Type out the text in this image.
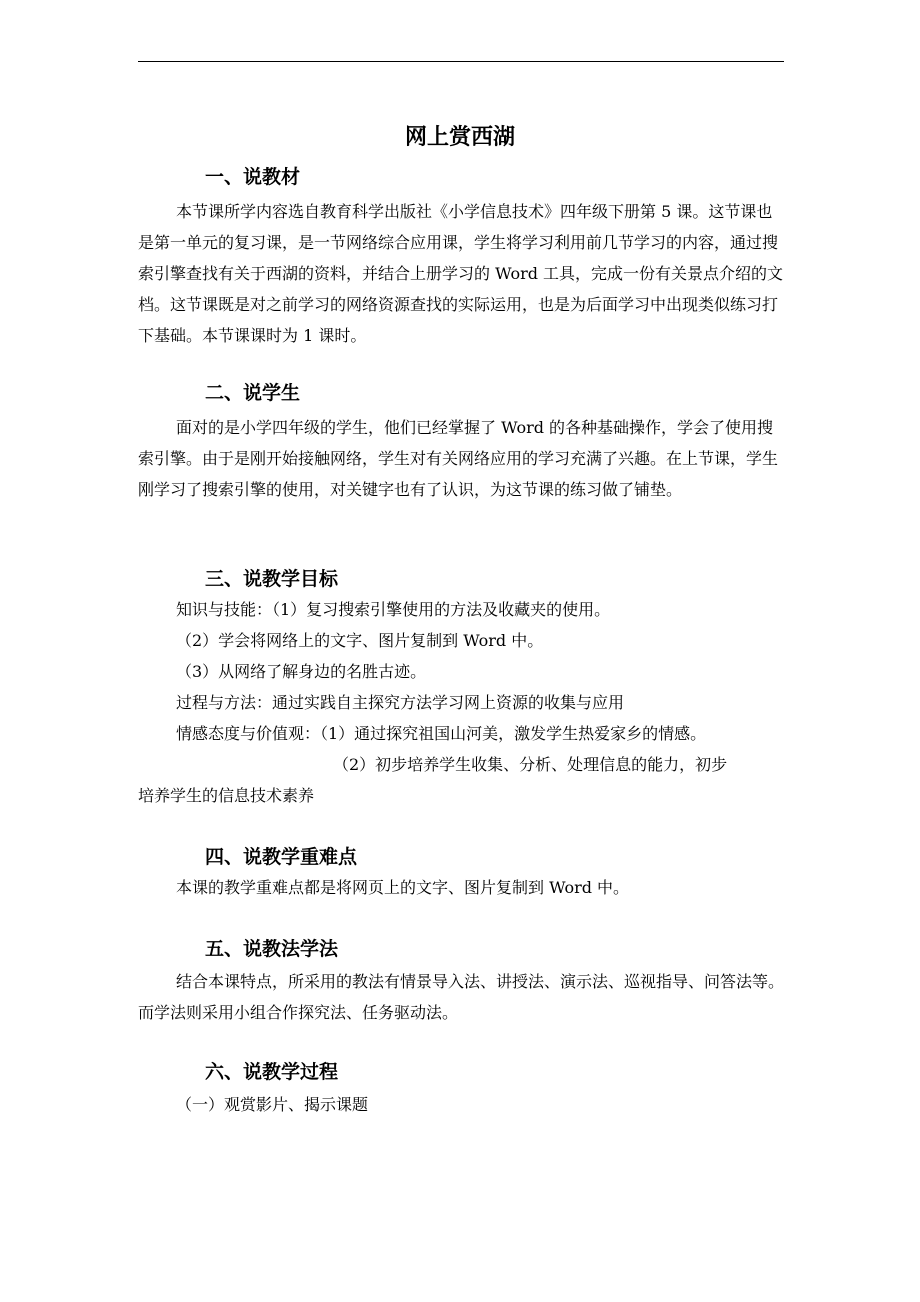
网上赏西湖
一、说教材
本节课所学内容选自教育科学出版社《小学信息技术》四年级下册第 5 课。这节课也是第一单元的复习课，是一节网络综合应用课，学生将学习利用前几节学习的内容，通过搜索引擎查找有关于西湖的资料，并结合上册学习的 Word 工具，完成一份有关景点介绍的文档。这节课既是对之前学习的网络资源查找的实际运用，也是为后面学习中出现类似练习打下基础。本节课课时为 1 课时。
二、说学生
面对的是小学四年级的学生，他们已经掌握了 Word 的各种基础操作，学会了使用搜索引擎。由于是刚开始接触网络，学生对有关网络应用的学习充满了兴趣。在上节课，学生刚学习了搜索引擎的使用，对关键字也有了认识，为这节课的练习做了铺垫。
三、说教学目标
知识与技能：（1）复习搜索引擎使用的方法及收藏夹的使用。
（2）学会将网络上的文字、图片复制到 Word 中。
（3）从网络了解身边的名胜古迹。
过程与方法：通过实践自主探究方法学习网上资源的收集与应用
情感态度与价值观：（1）通过探究祖国山河美，激发学生热爱家乡的情感。
（2）初步培养学生收集、分析、处理信息的能力，初步
培养学生的信息技术素养
四、说教学重难点
本课的教学重难点都是将网页上的文字、图片复制到 Word 中。
五、说教法学法
结合本课特点，所采用的教法有情景导入法、讲授法、演示法、巡视指导、问答法等。而学法则采用小组合作探究法、任务驱动法。
六、说教学过程
（一）观赏影片、揭示课题
